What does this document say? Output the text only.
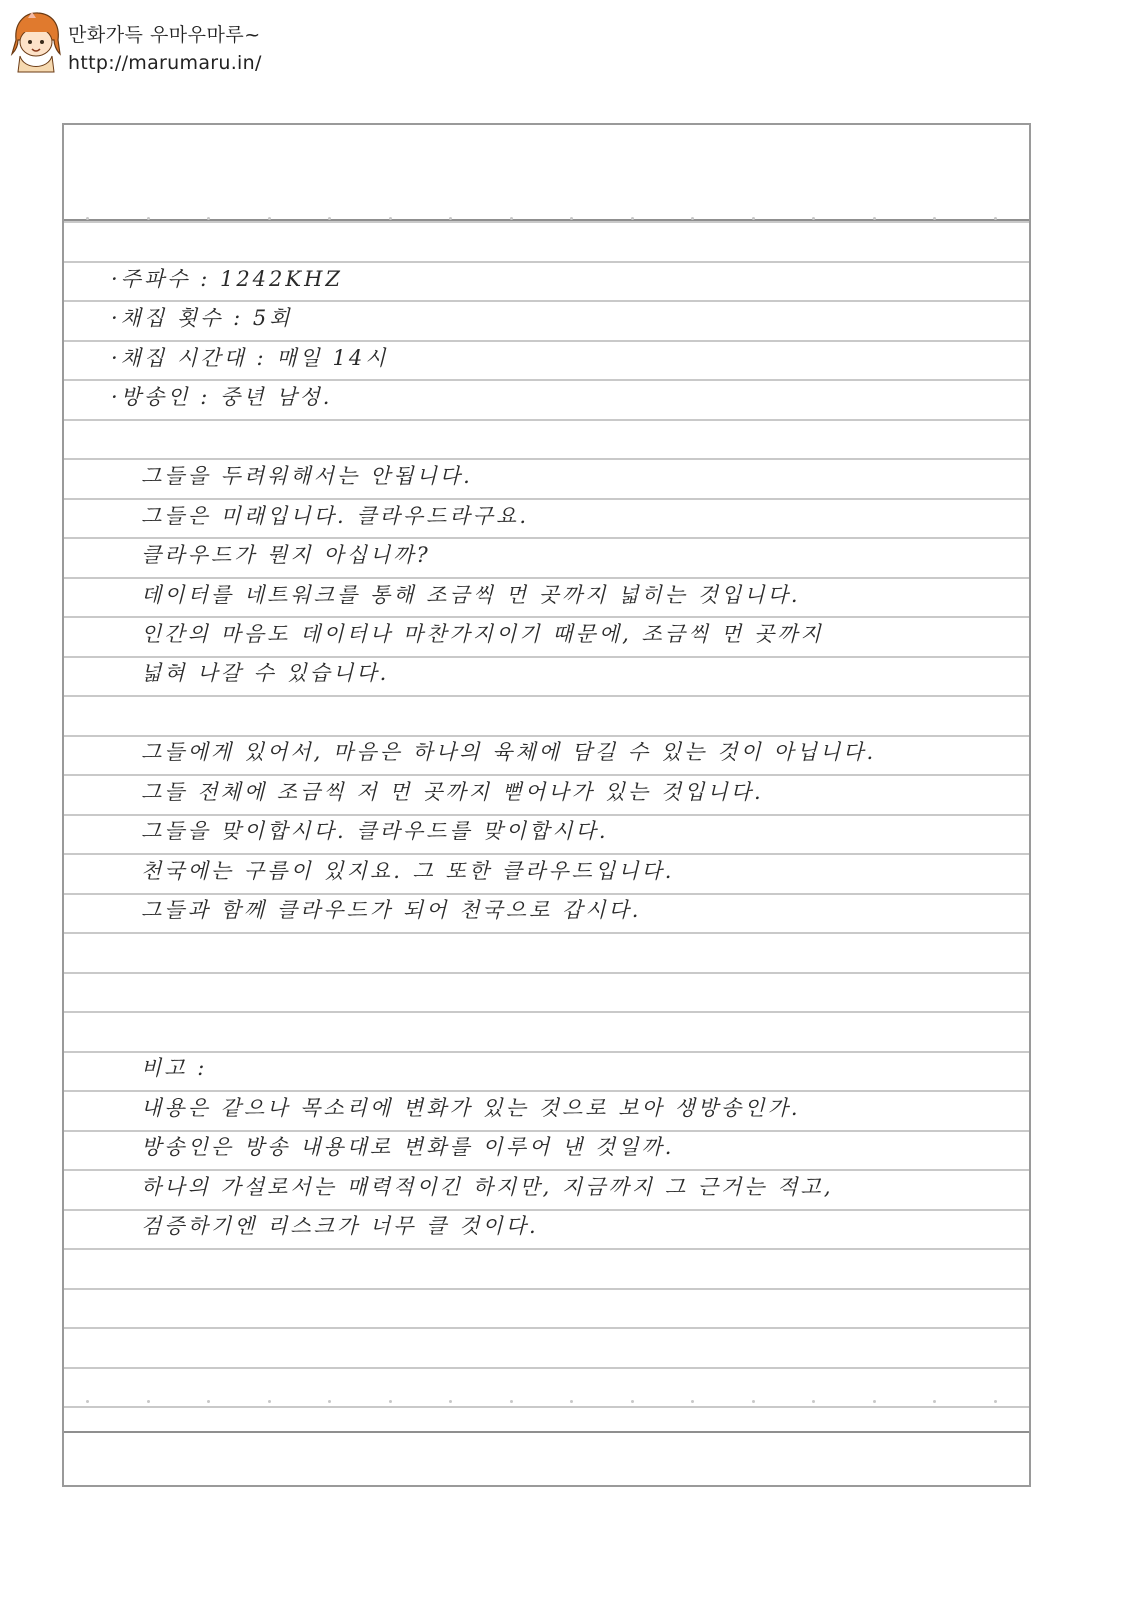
만화가득 우마우마루~
http://marumaru.in/
·주파수 : 1242KHZ
·채집 횟수 : 5회
·채집 시간대 : 매일 14시
·방송인 : 중년 남성.
그들을 두려워해서는 안됩니다.
그들은 미래입니다. 클라우드라구요.
클라우드가 뭔지 아십니까?
데이터를 네트워크를 통해 조금씩 먼 곳까지 넓히는 것입니다.
인간의 마음도 데이터나 마찬가지이기 때문에, 조금씩 먼 곳까지
넓혀 나갈 수 있습니다.
그들에게 있어서, 마음은 하나의 육체에 담길 수 있는 것이 아닙니다.
그들 전체에 조금씩 저 먼 곳까지 뻗어나가 있는 것입니다.
그들을 맞이합시다. 클라우드를 맞이합시다.
천국에는 구름이 있지요. 그 또한 클라우드입니다.
그들과 함께 클라우드가 되어 천국으로 갑시다.
비고 :
내용은 같으나 목소리에 변화가 있는 것으로 보아 생방송인가.
방송인은 방송 내용대로 변화를 이루어 낸 것일까.
하나의 가설로서는 매력적이긴 하지만, 지금까지 그 근거는 적고,
검증하기엔 리스크가 너무 클 것이다.
